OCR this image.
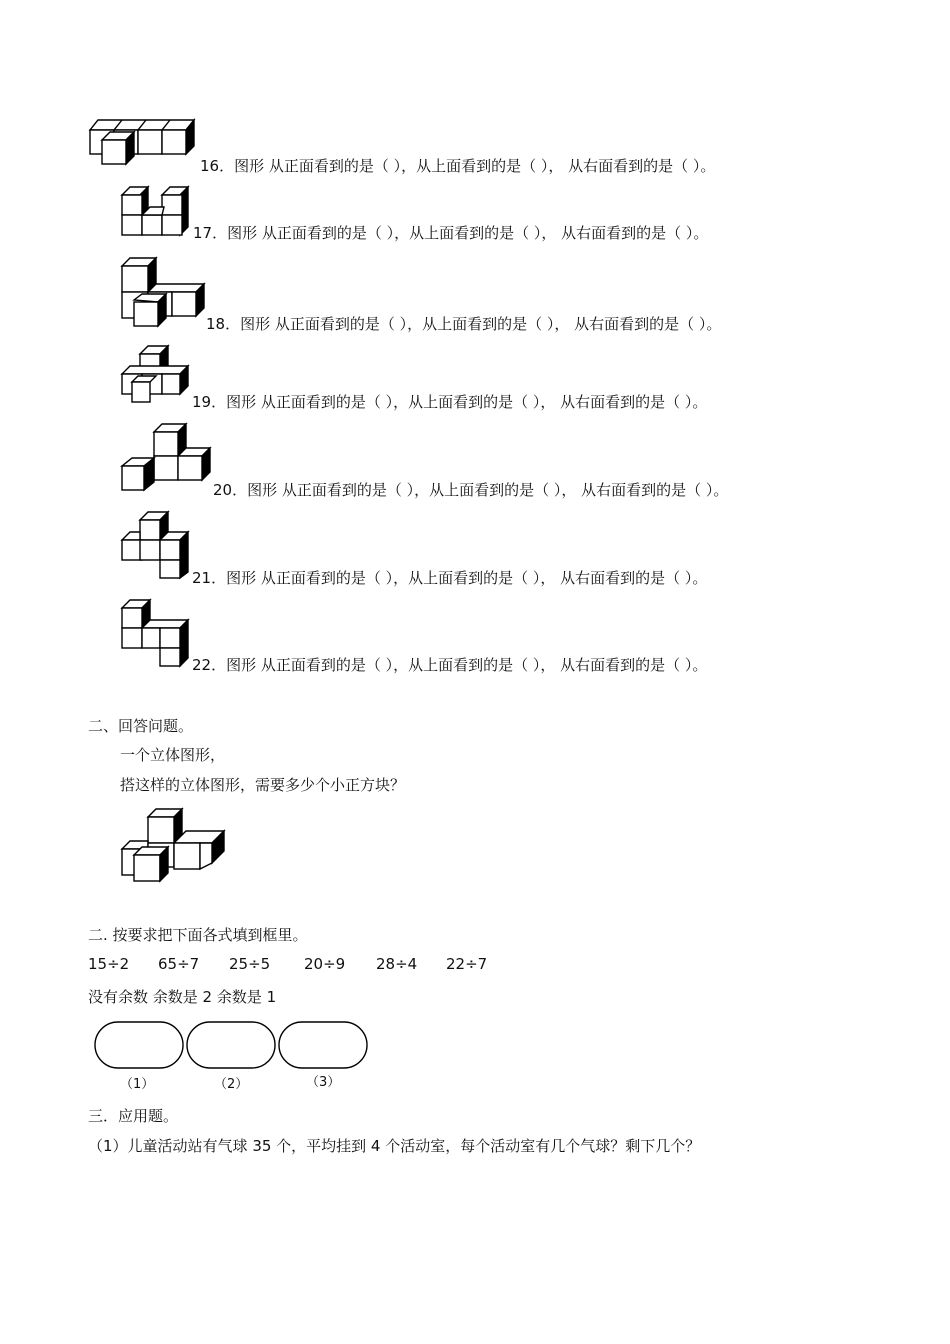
16．图形 从正面看到的是（ ），从上面看到的是（ ）， 从右面看到的是（ ）。
17．图形 从正面看到的是（ ），从上面看到的是（ ）， 从右面看到的是（ ）。
18．图形 从正面看到的是（ ），从上面看到的是（ ）， 从右面看到的是（ ）。
19．图形 从正面看到的是（ ），从上面看到的是（ ）， 从右面看到的是（ ）。
20．图形 从正面看到的是（ ），从上面看到的是（ ）， 从右面看到的是（ ）。
21．图形 从正面看到的是（ ），从上面看到的是（ ）， 从右面看到的是（ ）。
22．图形 从正面看到的是（ ），从上面看到的是（ ）， 从右面看到的是（ ）。
二、回答问题。
一个立体图形，
搭这样的立体图形，需要多少个小正方块？
二. 按要求把下面各式填到框里。
15÷2 65÷7 25÷5 20÷9 28÷4 22÷7
没有余数 余数是 2 余数是 1
（1）	（2）	（3）
三．应用题。
（1）儿童活动站有气球 35 个，平均挂到 4 个活动室，每个活动室有几个气球？剩下几个？
